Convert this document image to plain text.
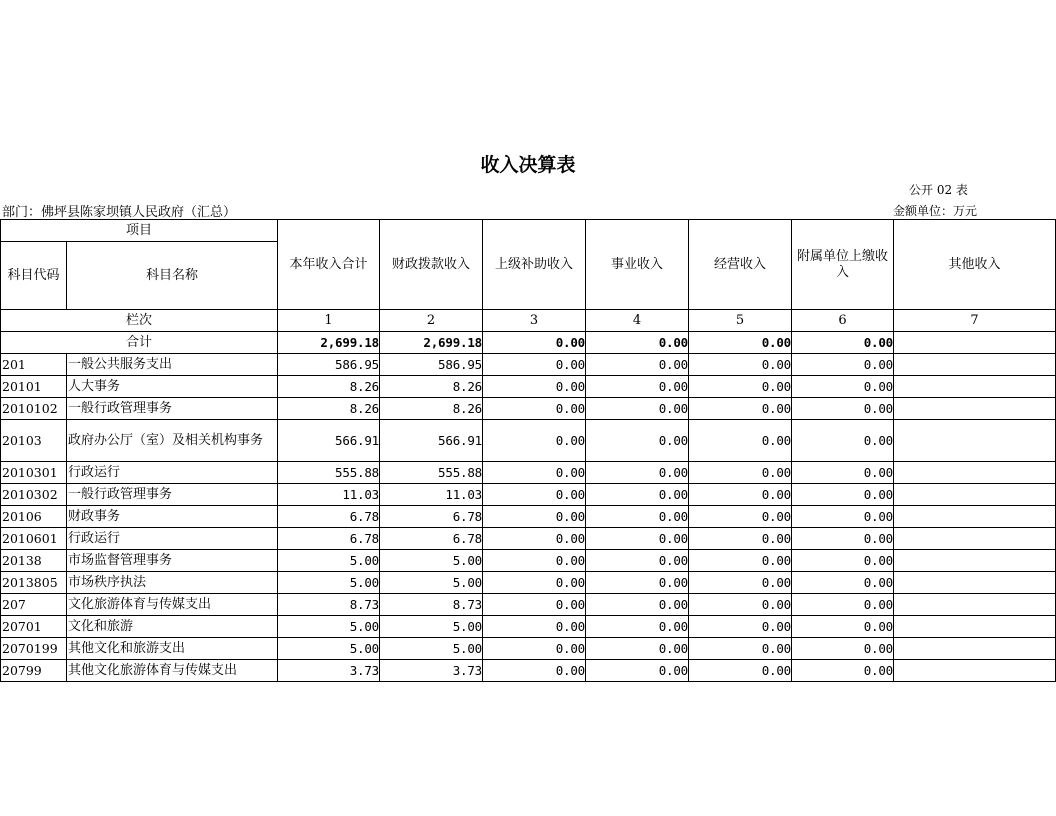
收入决算表
公开 02 表
部门：佛坪县陈家坝镇人民政府（汇总）	金额单位：万元
项目		本年收入合计	财政拨款收入	上级补助收入	事业收入	经营收入	附属单位上缴收入	其他收入
科目代码	科目名称							
栏次		1	2	3	4	5	6	7
合计		2,699.18	2,699.18	0.00	0.00	0.00	0.00	
201	一般公共服务支出	586.95	586.95	0.00	0.00	0.00	0.00	
20101	人大事务	8.26	8.26	0.00	0.00	0.00	0.00	
2010102	一般行政管理事务	8.26	8.26	0.00	0.00	0.00	0.00	
20103	政府办公厅（室）及相关机构事务	566.91	566.91	0.00	0.00	0.00	0.00	
2010301	行政运行	555.88	555.88	0.00	0.00	0.00	0.00	
2010302	一般行政管理事务	11.03	11.03	0.00	0.00	0.00	0.00	
20106	财政事务	6.78	6.78	0.00	0.00	0.00	0.00	
2010601	行政运行	6.78	6.78	0.00	0.00	0.00	0.00	
20138	市场监督管理事务	5.00	5.00	0.00	0.00	0.00	0.00	
2013805	市场秩序执法	5.00	5.00	0.00	0.00	0.00	0.00	
207	文化旅游体育与传媒支出	8.73	8.73	0.00	0.00	0.00	0.00	
20701	文化和旅游	5.00	5.00	0.00	0.00	0.00	0.00	
2070199	其他文化和旅游支出	5.00	5.00	0.00	0.00	0.00	0.00	
20799	其他文化旅游体育与传媒支出	3.73	3.73	0.00	0.00	0.00	0.00	
